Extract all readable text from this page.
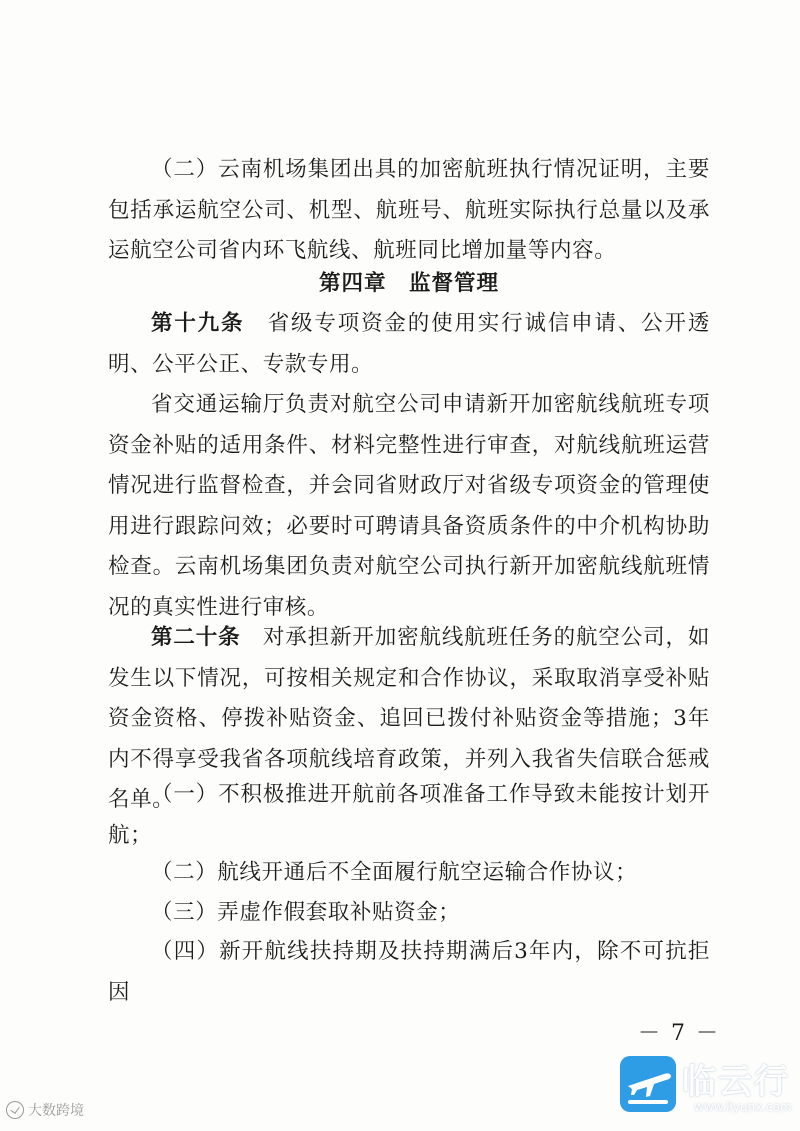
（二）云南机场集团出具的加密航班执行情况证明，主要包括承运航空公司、机型、航班号、航班实际执行总量以及承运航空公司省内环飞航线、航班同比增加量等内容。

第四章　监督管理

第十九条　省级专项资金的使用实行诚信申请、公开透明、公平公正、专款专用。

省交通运输厅负责对航空公司申请新开加密航线航班专项资金补贴的适用条件、材料完整性进行审查，对航线航班运营情况进行监督检查，并会同省财政厅对省级专项资金的管理使用进行跟踪问效；必要时可聘请具备资质条件的中介机构协助检查。云南机场集团负责对航空公司执行新开加密航线航班情况的真实性进行审核。

第二十条　对承担新开加密航线航班任务的航空公司，如发生以下情况，可按相关规定和合作协议，采取取消享受补贴资金资格、停拨补贴资金、追回已拨付补贴资金等措施；3年内不得享受我省各项航线培育政策，并列入我省失信联合惩戒名单。

（一）不积极推进开航前各项准备工作导致未能按计划开航；

（二）航线开通后不全面履行航空运输合作协议；

（三）弄虚作假套取补贴资金；

（四）新开航线扶持期及扶持期满后3年内，除不可抗拒因

－ 7 －
大数跨境
临云行
www.liyunx.com
